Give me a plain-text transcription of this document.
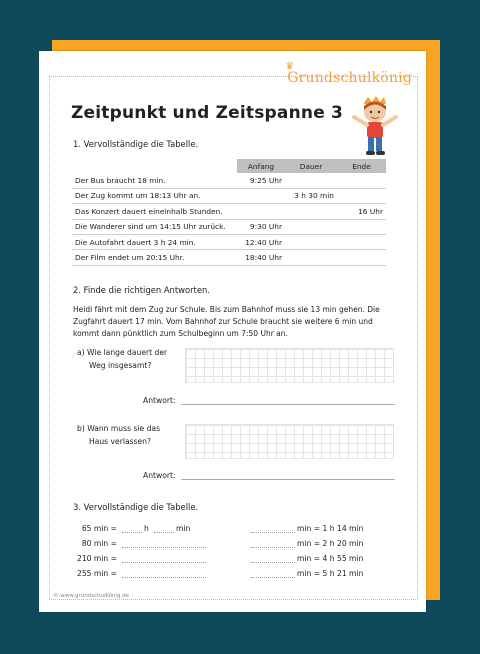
♛
Grundschulkönig
Zeitpunkt und Zeitspanne 3
1. Vervollständige die Tabelle.
	Anfang	Dauer	Ende
Der Bus braucht 18 min.	9:25 Uhr		
Der Zug kommt um 18:13 Uhr an.		3 h 30 min	
Das Konzert dauert eineinhalb Stunden.			16 Uhr
Die Wanderer sind um 14:15 Uhr zurück.	9:30 Uhr		
Die Autofahrt dauert 3 h 24 min.	12:40 Uhr		
Der Film endet um 20:15 Uhr.	18:40 Uhr		
2. Finde die richtigen Antworten.
Heidi fährt mit dem Zug zur Schule. Bis zum Bahnhof muss sie 13 min gehen. Die Zugfahrt dauert 17 min. Vom Bahnhof zur Schule braucht sie weitere 6 min und kommt dann pünktlich zum Schulbeginn um 7:50 Uhr an.
a) Wie lange dauert der
Weg insgesamt?
Antwort:
b) Wann muss sie das
Haus verlassen?
Antwort:
3. Vervollständige die Tabelle.
65 min =	h	min	min = 1 h 14 min
80 min =	min = 2 h 20 min
210 min =	min = 4 h 55 min
255 min =	min = 5 h 21 min
© www.grundschulkönig.de
